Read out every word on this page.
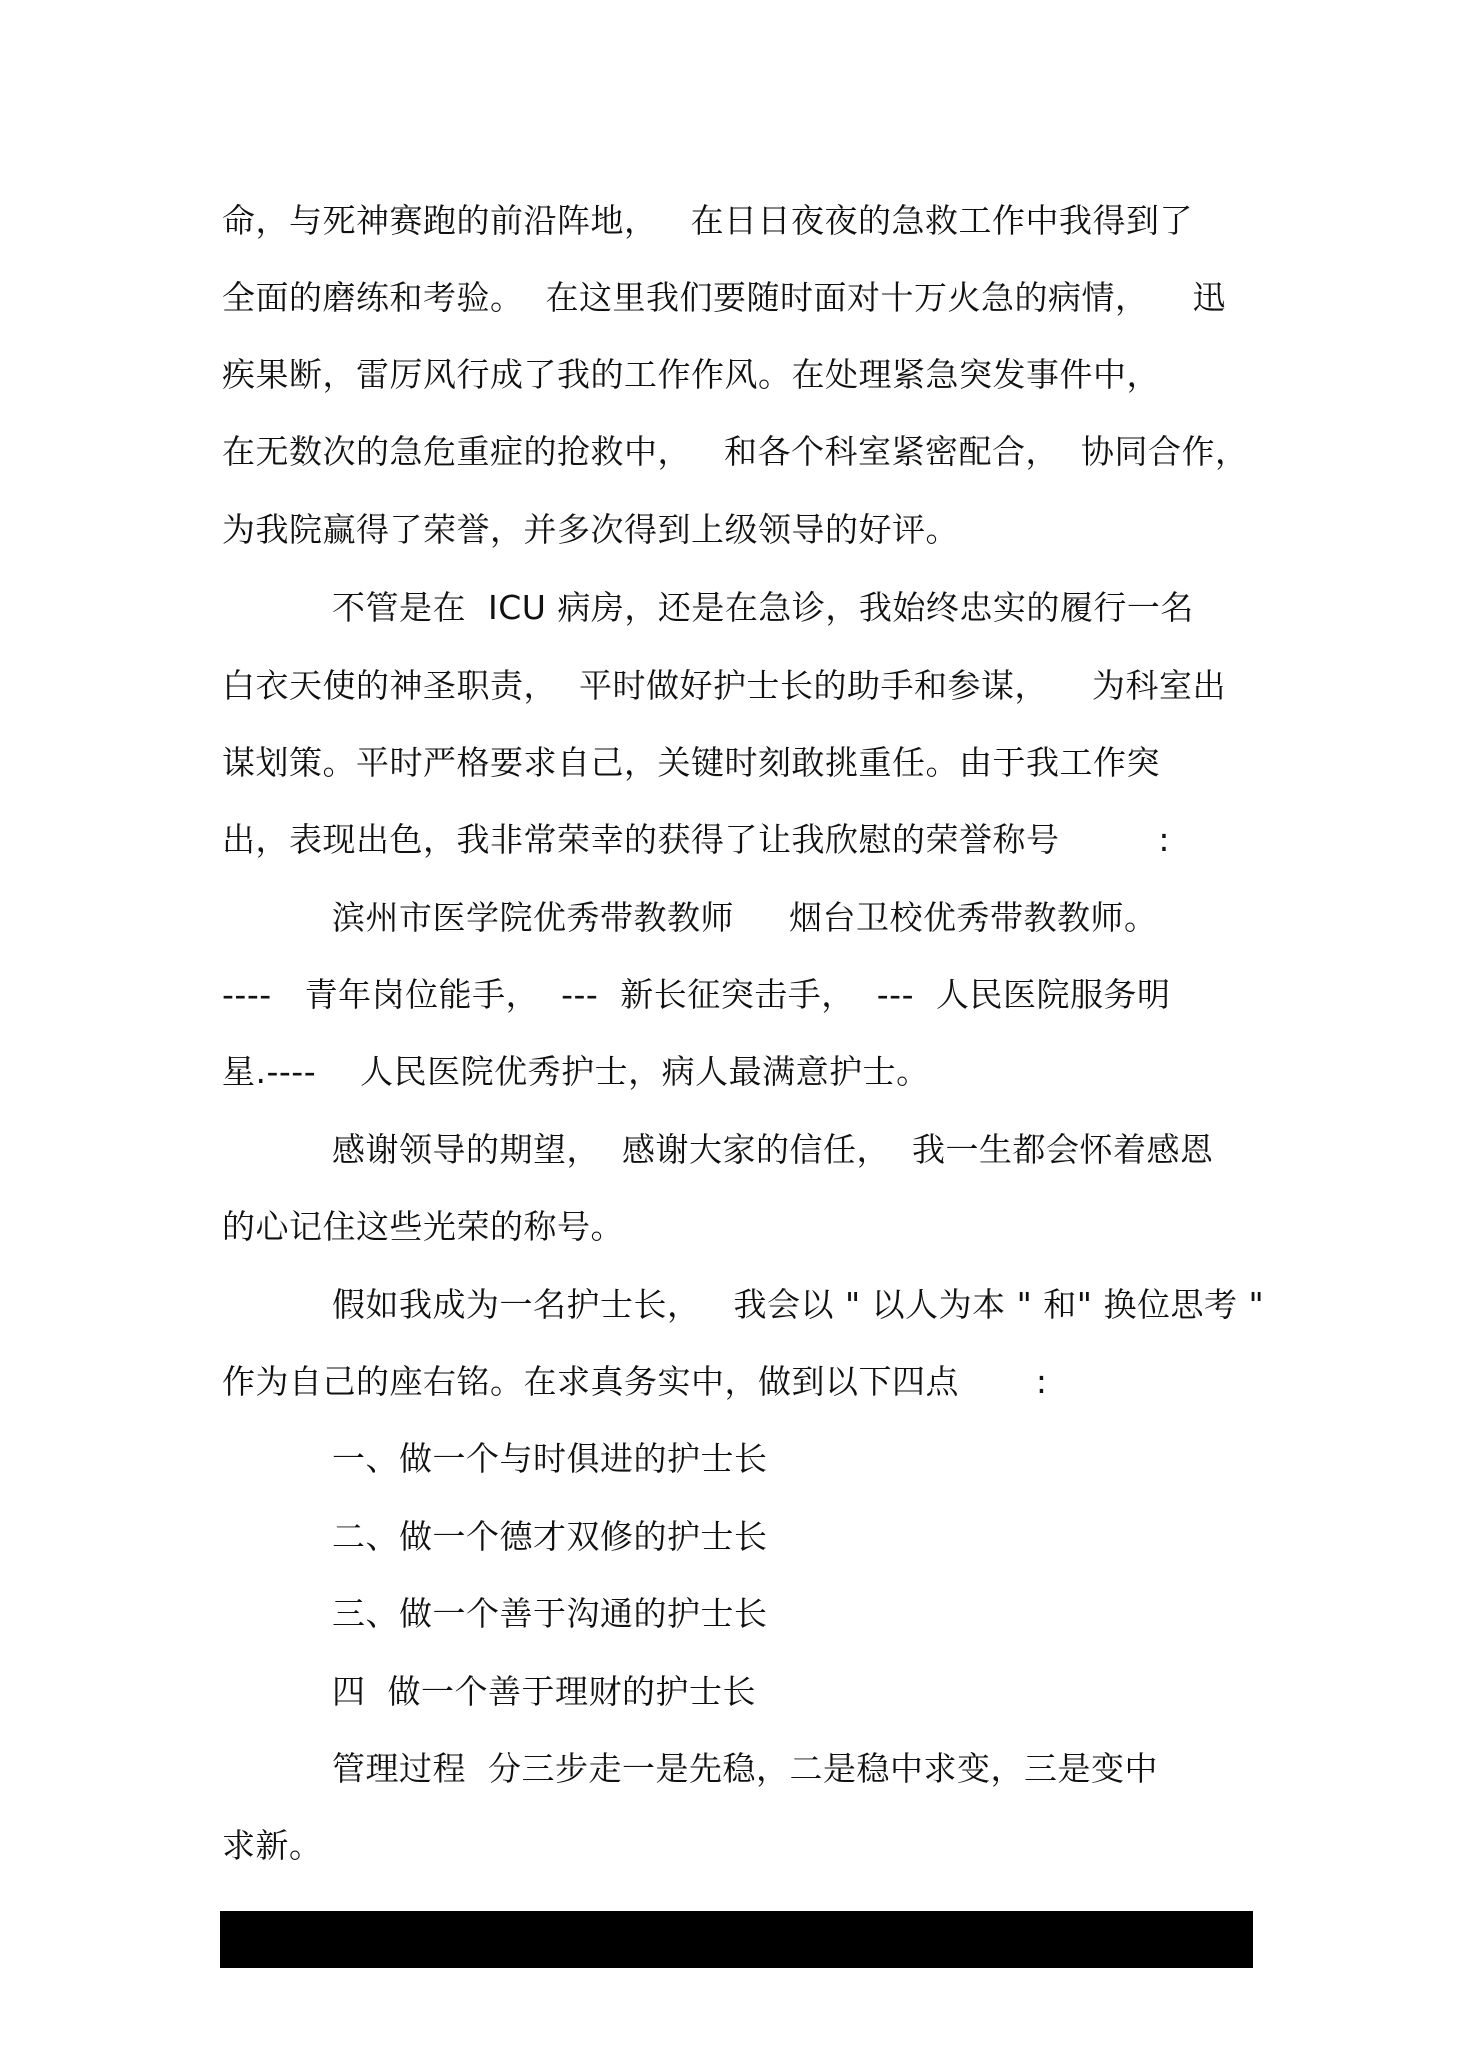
命，与死神赛跑的前沿阵地，   在日日夜夜的急救工作中我得到了
全面的磨练和考验。  在这里我们要随时面对十万火急的病情，    迅
疾果断，雷厉风行成了我的工作作风。在处理紧急突发事件中，
在无数次的急危重症的抢救中，   和各个科室紧密配合，  协同合作，
为我院赢得了荣誉，并多次得到上级领导的好评。
不管是在  ICU 病房，还是在急诊，我始终忠实的履行一名
白衣天使的神圣职责，  平时做好护士长的助手和参谋，    为科室出
谋划策。平时严格要求自己，关键时刻敢挑重任。由于我工作突
出，表现出色，我非常荣幸的获得了让我欣慰的荣誉称号         :
滨州市医学院优秀带教教师     烟台卫校优秀带教教师。
----   青年岗位能手，  ---  新长征突击手，  ---  人民医院服务明
星.----    人民医院优秀护士，病人最满意护士。
感谢领导的期望，  感谢大家的信任，  我一生都会怀着感恩
的心记住这些光荣的称号。
假如我成为一名护士长，   我会以 " 以人为本 " 和" 换位思考 "
作为自己的座右铭。在求真务实中，做到以下四点       :
一、做一个与时俱进的护士长
二、做一个德才双修的护士长
三、做一个善于沟通的护士长
四  做一个善于理财的护士长
管理过程  分三步走一是先稳，二是稳中求变，三是变中
求新。
